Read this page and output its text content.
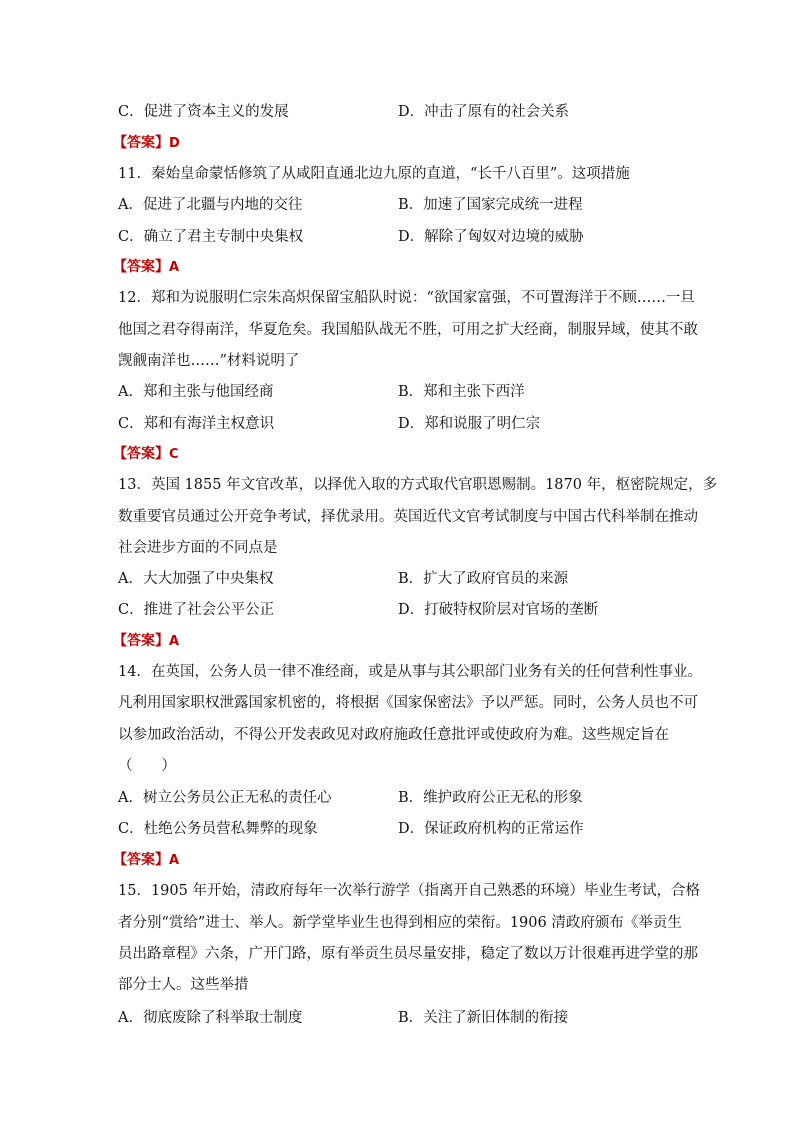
C．促进了资本主义的发展	D．冲击了原有的社会关系
【答案】D
11．秦始皇命蒙恬修筑了从咸阳直通北边九原的直道，“长千八百里”。这项措施
A．促进了北疆与内地的交往	B．加速了国家完成统一进程
C．确立了君主专制中央集权	D．解除了匈奴对边境的威胁
【答案】A
12．郑和为说服明仁宗朱高炽保留宝船队时说：“欲国家富强，不可置海洋于不顾……一旦
他国之君夺得南洋，华夏危矣。我国船队战无不胜，可用之扩大经商，制服异域，使其不敢
觊觎南洋也……”材料说明了
A．郑和主张与他国经商	B．郑和主张下西洋
C．郑和有海洋主权意识	D．郑和说服了明仁宗
【答案】C
13．英国 1855 年文官改革，以择优入取的方式取代官职恩赐制。1870 年，枢密院规定，多
数重要官员通过公开竞争考试，择优录用。英国近代文官考试制度与中国古代科举制在推动
社会进步方面的不同点是
A．大大加强了中央集权	B．扩大了政府官员的来源
C．推进了社会公平公正	D．打破特权阶层对官场的垄断
【答案】A
14．在英国，公务人员一律不准经商，或是从事与其公职部门业务有关的任何营利性事业。
凡利用国家职权泄露国家机密的，将根据《国家保密法》予以严惩。同时，公务人员也不可
以参加政治活动，不得公开发表政见对政府施政任意批评或使政府为难。这些规定旨在
（　　）
A．树立公务员公正无私的责任心	B．维护政府公正无私的形象
C．杜绝公务员营私舞弊的现象	D．保证政府机构的正常运作
【答案】A
15．1905 年开始，清政府每年一次举行游学（指离开自己熟悉的环境）毕业生考试，合格
者分别“赏给”进士、举人。新学堂毕业生也得到相应的荣衔。1906 清政府颁布《举贡生
员出路章程》六条，广开门路，原有举贡生员尽量安排，稳定了数以万计很难再进学堂的那
部分士人。这些举措
A．彻底废除了科举取士制度	B．关注了新旧体制的衔接
